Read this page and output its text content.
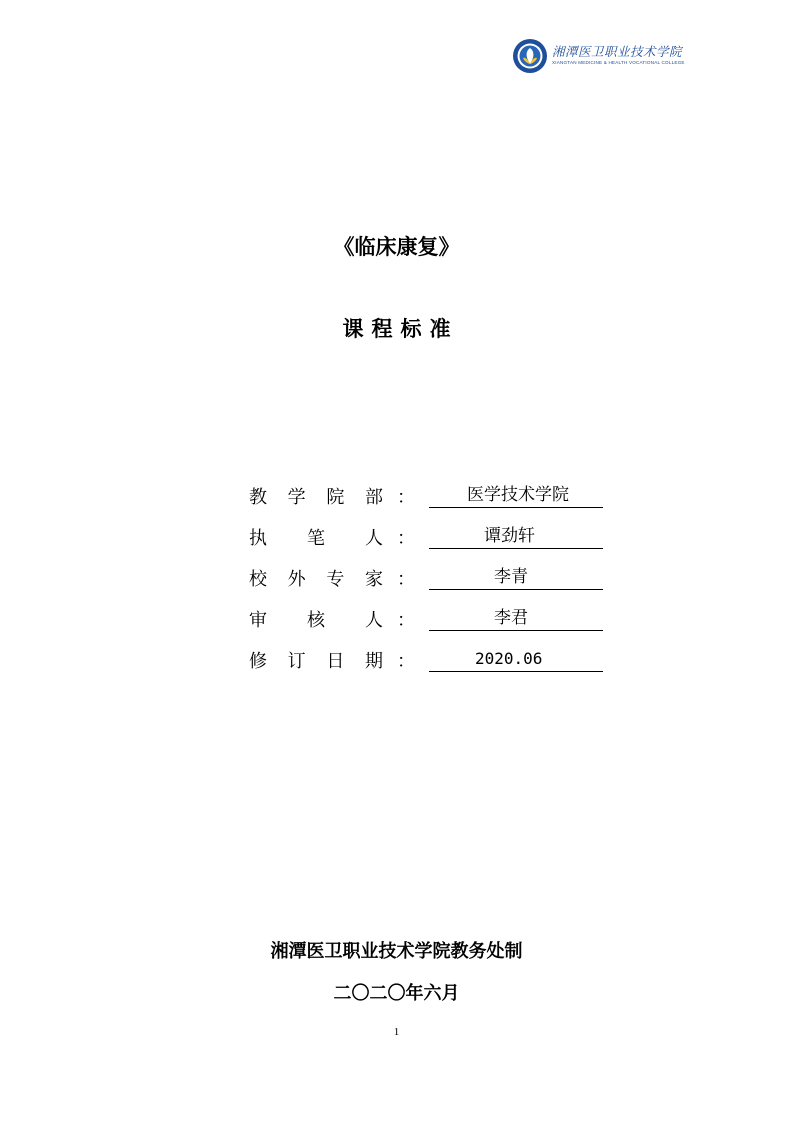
湘潭医卫职业技术学院
XIANGTAN MEDICINE & HEALTH VOCATIONAL COLLEGE
《临床康复》
课程标准
教 学 院 部 ：	医学技术学院
执 笔 人 ：	谭劲轩
校 外 专 家 ：	李青
审 核 人 ：	李君
修 订 日 期 ：	2020.06
湘潭医卫职业技术学院教务处制
二〇二〇年六月
1
